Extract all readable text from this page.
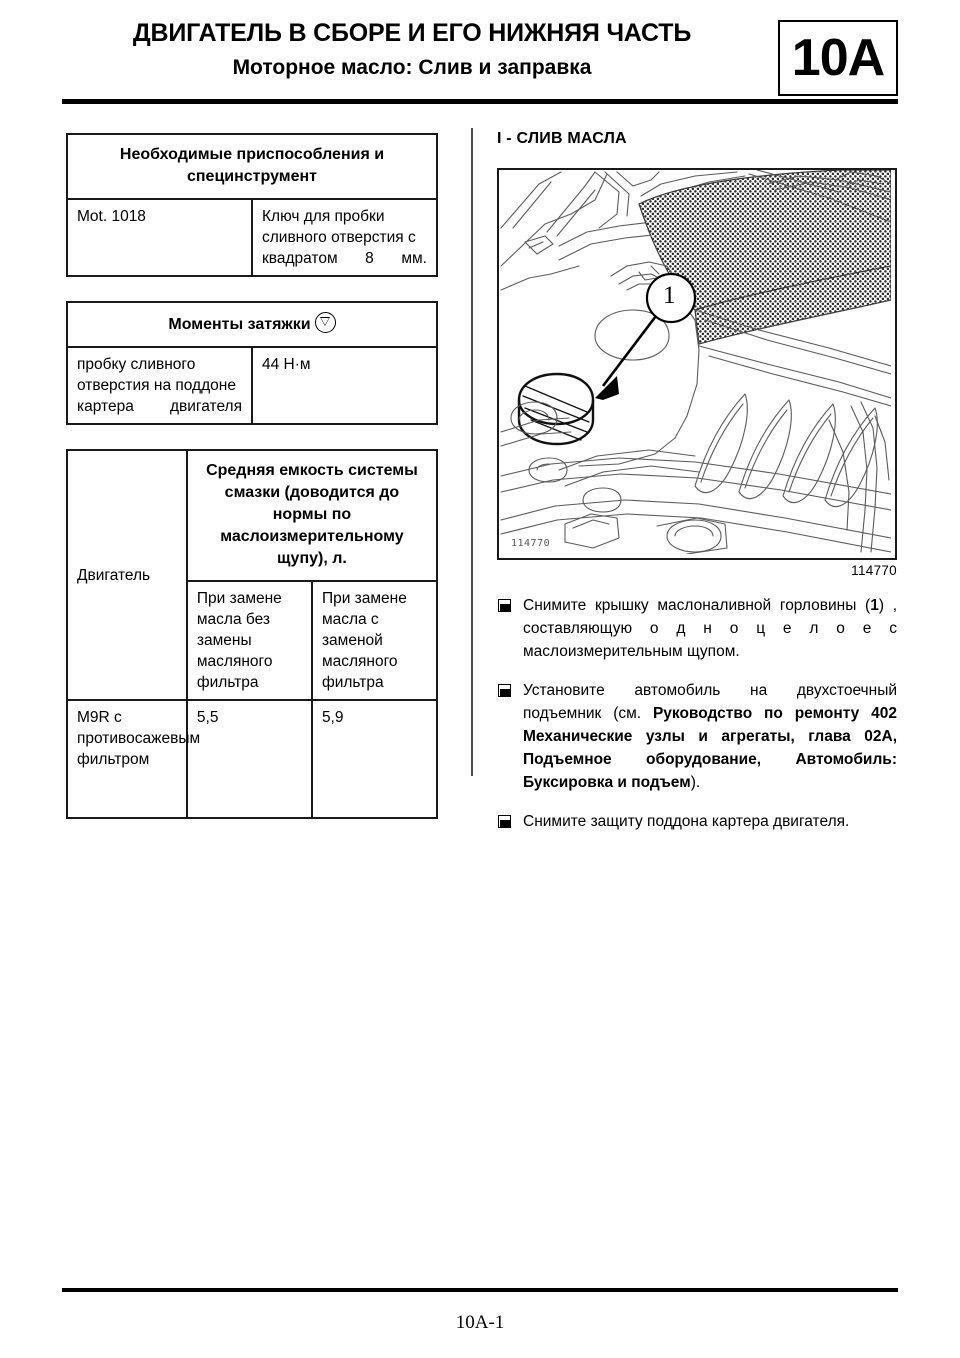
ДВИГАТЕЛЬ В СБОРЕ И ЕГО НИЖНЯЯ ЧАСТЬ
Моторное масло: Слив и заправка	10A
Необходимые приспособления и специнструмент
Mot. 1018	Ключ для пробки сливного отверстия с квадратом 8 мм.
Моменты затяжки
пробку сливного отверстия на поддоне картера двигателя	44 Н·м
Двигатель	Средняя емкость системы смазки (доводится до нормы по маслоизмерительному щупу), л.	
	При замене масла без замены масляного фильтра	При замене масла с заменой масляного фильтра
M9R с противосажевым фильтром	5,5	5,9
I - СЛИВ МАСЛА
1
114770
114770
Снимите крышку маслоналивной горловины (1) , составляющую о д н о ц е л о е с маслоизмерительным щупом.
Установите автомобиль на двухстоечный подъемник (см. Руководство по ремонту 402 Механические узлы и агрегаты, глава 02А, Подъемное оборудование, Автомобиль: Буксировка и подъем).
Снимите защиту поддона картера двигателя.
10A-1
